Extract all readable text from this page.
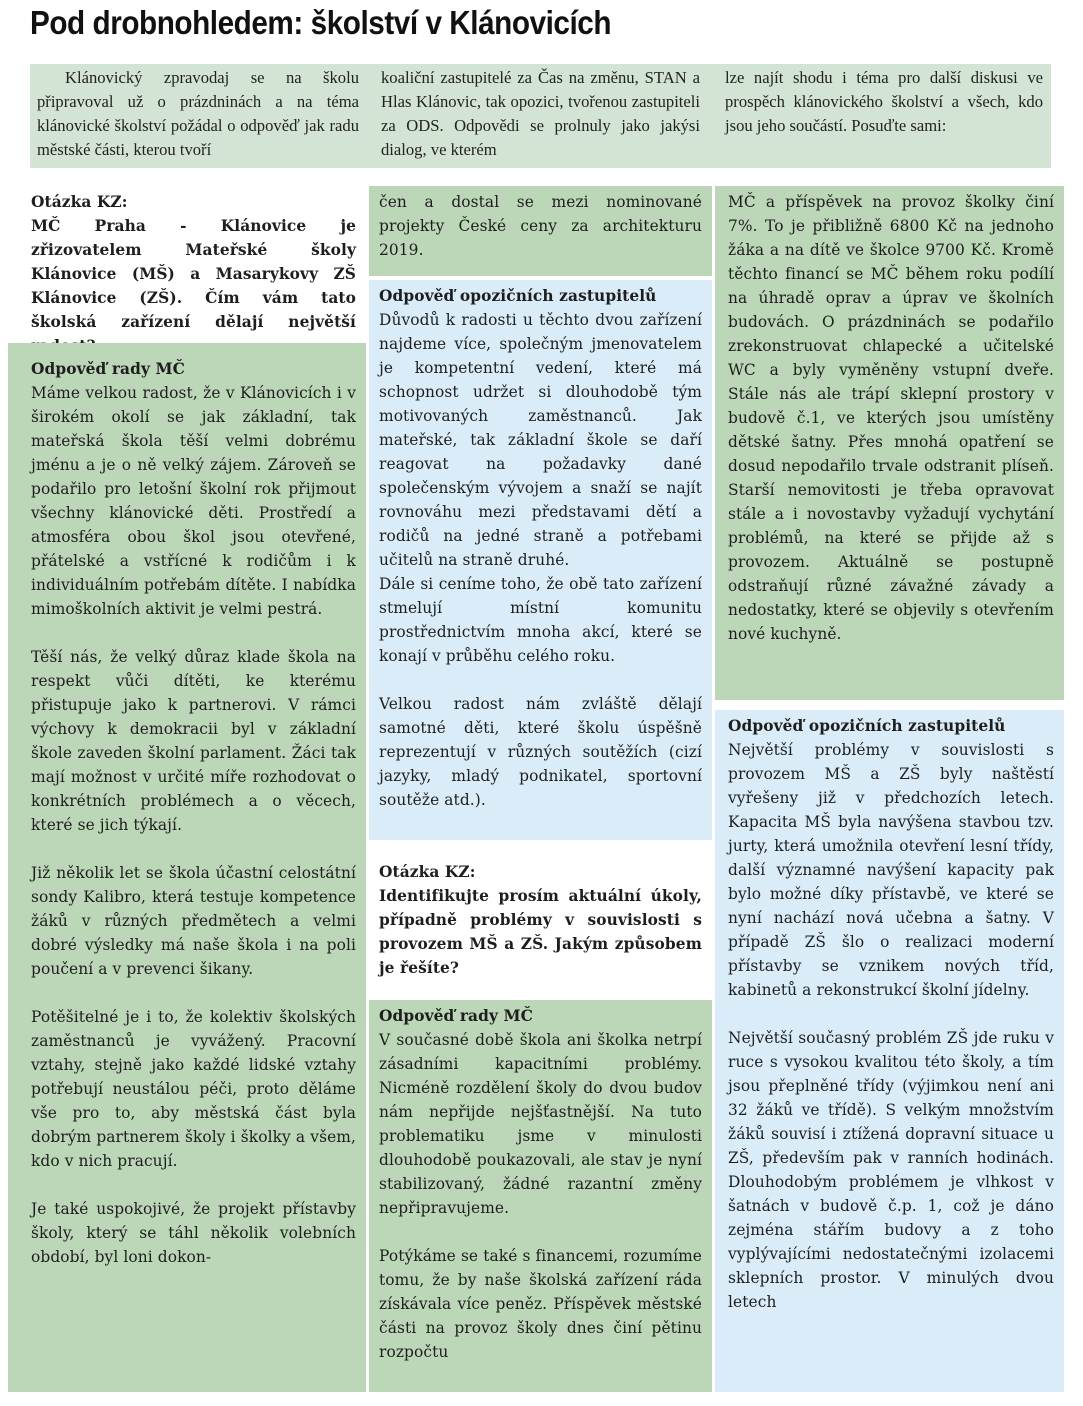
Pod drobnohledem: školství v Klánovicích

Klánovický zpravodaj se na školu připravoval už o prázdninách a na téma klánovické školství požádal o odpověď jak radu městské části, kterou tvoří

koaliční zastupitelé za Čas na změnu, STAN a Hlas Klánovic, tak opozici, tvořenou zastupiteli za ODS. Odpovědi se prolnuly jako jakýsi dialog, ve kterém

lze najít shodu i téma pro další diskusi ve prospěch klánovického školství a všech, kdo jsou jeho součástí. Posuďte sami:

Otázka KZ:

MČ Praha - Klánovice je zřizovatelem Mateřské školy Klánovice (MŠ) a Masarykovy ZŠ Klánovice (ZŠ). Čím vám tato školská zařízení dělají největší

Odpověď rady MČ

Máme velkou radost, že v Klánovicích i v širokém okolí se jak základní, tak mateřská škola těší velmi dobrému jménu a je o ně velký zájem. Zároveň se podařilo pro letošní školní rok přijmout všechny klánovické děti. Prostředí a atmosféra obou škol jsou otevřené, přátelské a vstřícné k rodičům i k individuálním potřebám dítěte. I nabídka mimoškolních aktivit je velmi pestrá.

Těší nás, že velký důraz klade škola na respekt vůči dítěti, ke kterému přistupuje jako k partnerovi. V rámci výchovy k demokracii byl v základní škole zaveden školní parlament. Žáci tak mají možnost v určité míře rozhodovat o konkrétních problémech a o věcech, které se jich týkají.

Již několik let se škola účastní celostátní sondy Kalibro, která testuje kompetence žáků v různých předmětech a velmi dobré výsledky má naše škola i na poli poučení a v prevenci šikany.

Potěšitelné je i to, že kolektiv školských zaměstnanců je vyvážený. Pracovní vztahy, stejně jako každé lidské vztahy potřebují neustálou péči, proto děláme vše pro to, aby městská část byla dobrým partnerem školy i školky a všem, kdo v nich pracují.

Je také uspokojivé, že projekt přístavby školy, který se táhl několik volebních období, byl loni dokon-

čen a dostal se mezi nominované projekty České ceny za architekturu 2019.

Odpověď opozičních zastupitelů

Důvodů k radosti u těchto dvou zařízení najdeme více, společným jmenovatelem je kompetentní vedení, které má schopnost udržet si dlouhodobě tým motivovaných zaměstnanců. Jak mateřské, tak základní škole se daří reagovat na požadavky dané společenským vývojem a snaží se najít rovnováhu mezi představami dětí a rodičů na jedné straně a potřebami učitelů na straně druhé.

Dále si ceníme toho, že obě tato zařízení stmelují místní komunitu prostřednictvím mnoha akcí, které se konají v průběhu celého roku.

Velkou radost nám zvláště dělají samotné děti, které školu úspěšně reprezentují v různých soutěžích (cizí jazyky, mladý podnikatel, sportovní soutěže atd.).

Otázka KZ:

Identifikujte prosím aktuální úkoly, případně problémy v souvislosti s provozem MŠ a ZŠ. Jakým způsobem je řešíte?

Odpověď rady MČ

V současné době škola ani školka netrpí zásadními kapacitními problémy. Nicméně rozdělení školy do dvou budov nám nepřijde nejšťastnější. Na tuto problematiku jsme v minulosti dlouhodobě poukazovali, ale stav je nyní stabilizovaný, žádné razantní změny nepřipravujeme.

Potýkáme se také s financemi, rozumíme tomu, že by naše školská zařízení ráda získávala více peněz. Příspěvek městské části na provoz školy dnes činí pětinu rozpočtu

MČ a příspěvek na provoz školky činí 7%. To je přibližně 6800 Kč na jednoho žáka a na dítě ve školce 9700 Kč. Kromě těchto financí se MČ během roku podílí na úhradě oprav a úprav ve školních budovách. O prázdninách se podařilo zrekonstruovat chlapecké a učitelské WC a byly vyměněny vstupní dveře. Stále nás ale trápí sklepní prostory v budově č.1, ve kterých jsou umístěny dětské šatny. Přes mnohá opatření se dosud nepodařilo trvale odstranit plíseň. Starší nemovitosti je třeba opravovat stále a i novostavby vyžadují vychytání problémů, na které se přijde až s provozem. Aktuálně se postupně odstraňují různé závažné závady a nedostatky, které se objevily s otevřením nové kuchyně.

Odpověď opozičních zastupitelů

Největší problémy v souvislosti s provozem MŠ a ZŠ byly naštěstí vyřešeny již v předchozích letech. Kapacita MŠ byla navýšena stavbou tzv. jurty, která umožnila otevření lesní třídy, další významné navýšení kapacity pak bylo možné díky přístavbě, ve které se nyní nachází nová učebna a šatny. V případě ZŠ šlo o realizaci moderní přístavby se vznikem nových tříd, kabinetů a rekonstrukcí školní jídelny.

Největší současný problém ZŠ jde ruku v ruce s vysokou kvalitou této školy, a tím jsou přeplněné třídy (výjimkou není ani 32 žáků ve třídě). S velkým množstvím žáků souvisí i ztížená dopravní situace u ZŠ, především pak v ranních hodinách. Dlouhodobým problémem je vlhkost v šatnách v budově č.p. 1, což je dáno zejména stářím budovy a z toho vyplývajícími nedostatečnými izolacemi sklepních prostor. V minulých dvou letech
